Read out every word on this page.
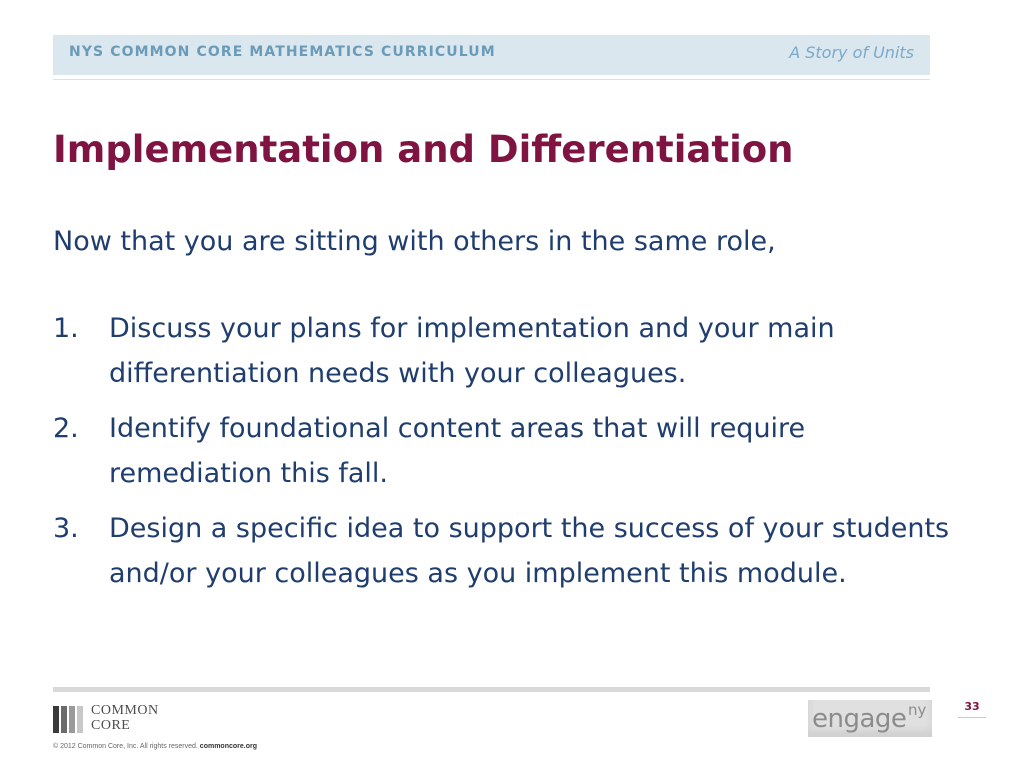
NYS COMMON CORE MATHEMATICS CURRICULUM	A Story of Units
Implementation and Differentiation
Now that you are sitting with others in the same role,
1. Discuss your plans for implementation and your main differentiation needs with your colleagues.
2. Identify foundational content areas that will require remediation this fall.
3. Design a specific idea to support the success of your students and/or your colleagues as you implement this module.
33
COMMON
CORE
© 2012 Common Core, Inc. All rights reserved. commoncore.org
engage ny
